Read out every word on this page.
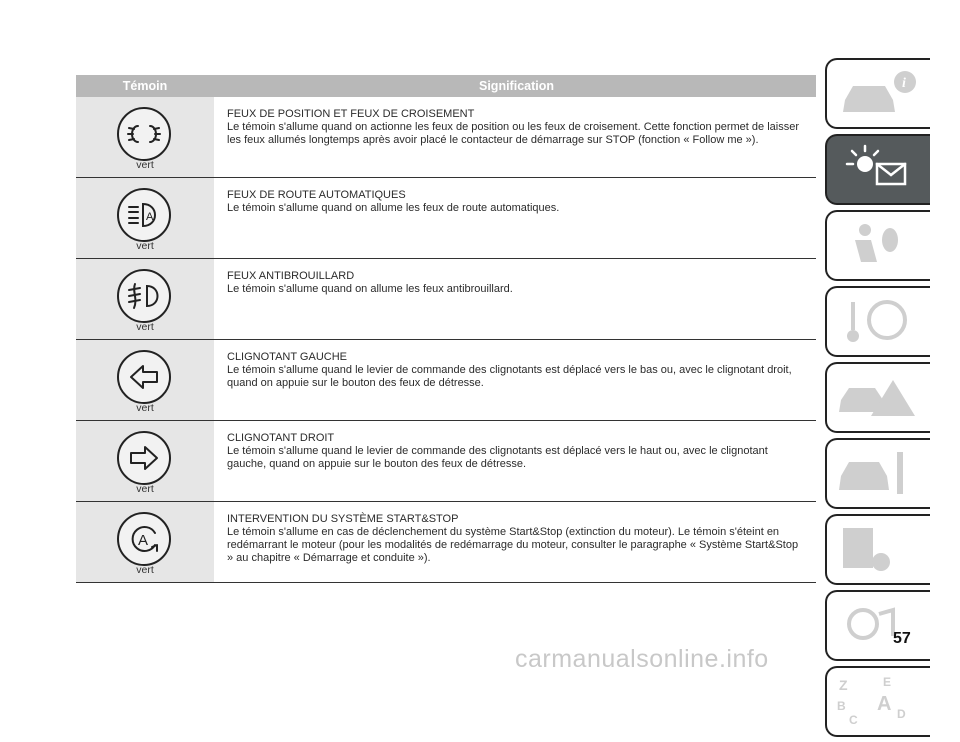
Témoin	Signification
vert
FEUX DE POSITION ET FEUX DE CROISEMENT
Le témoin s'allume quand on actionne les feux de position ou les feux de croisement. Cette fonction permet de laisser les feux allumés longtemps après avoir placé le contacteur de démarrage sur STOP (fonction « Follow me »).
A
vert
FEUX DE ROUTE AUTOMATIQUES
Le témoin s'allume quand on allume les feux de route automatiques.
vert
FEUX ANTIBROUILLARD
Le témoin s'allume quand on allume les feux antibrouillard.
vert
CLIGNOTANT GAUCHE
Le témoin s'allume quand le levier de commande des clignotants est déplacé vers le bas ou, avec le clignotant droit, quand on appuie sur le bouton des feux de détresse.
vert
CLIGNOTANT DROIT
Le témoin s'allume quand le levier de commande des clignotants est déplacé vers le haut ou, avec le clignotant gauche, quand on appuie sur le bouton des feux de détresse.
A
vert
INTERVENTION DU SYSTÈME START&STOP
Le témoin s'allume en cas de déclenchement du système Start&Stop (extinction du moteur). Le témoin s'éteint en redémarrant le moteur (pour les modalités de redémarrage du moteur, consulter le paragraphe « Système Start&Stop » au chapitre « Démarrage et conduite »).
i
Z	E
B A
C	D
57
carmanualsonline.info
